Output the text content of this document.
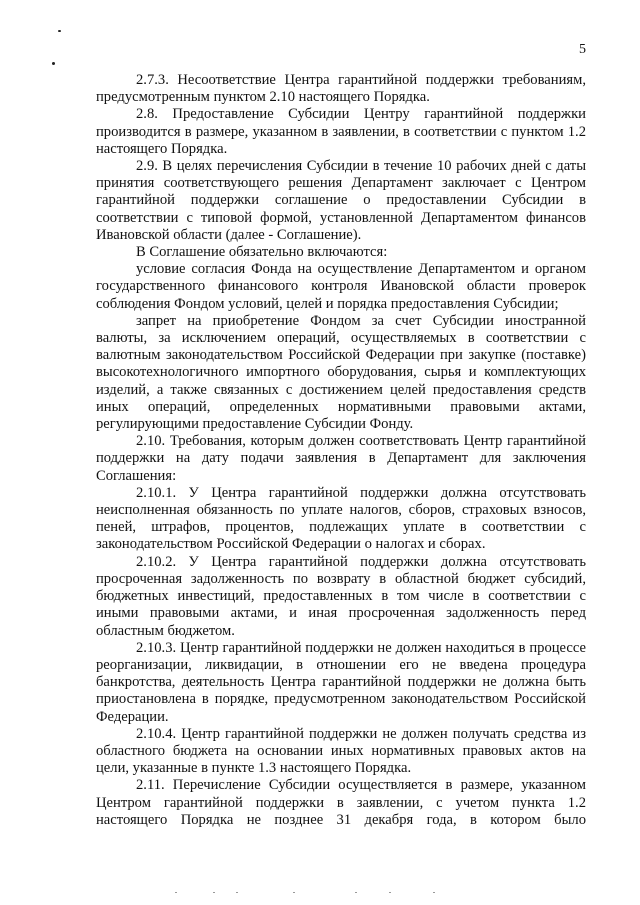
5

2.7.3. Несоответствие Центра гарантийной поддержки требованиям, предусмотренным пунктом 2.10 настоящего Порядка.

2.8. Предоставление Субсидии Центру гарантийной поддержки производится в размере, указанном в заявлении, в соответствии с пунктом 1.2 настоящего Порядка.

2.9. В целях перечисления Субсидии в течение 10 рабочих дней с даты принятия соответствующего решения Департамент заключает с Центром гарантийной поддержки соглашение о предоставлении Субсидии в соответствии с типовой формой, установленной Департаментом финансов Ивановской области (далее - Соглашение).

В Соглашение обязательно включаются:

условие согласия Фонда на осуществление Департаментом и органом государственного финансового контроля Ивановской области проверок соблюдения Фондом условий, целей и порядка предоставления Субсидии;

запрет на приобретение Фондом за счет Субсидии иностранной валюты, за исключением операций, осуществляемых в соответствии с валютным законодательством Российской Федерации при закупке (поставке) высокотехнологичного импортного оборудования, сырья и комплектующих изделий, а также связанных с достижением целей предоставления средств иных операций, определенных нормативными правовыми актами, регулирующими предоставление Субсидии Фонду.

2.10. Требования, которым должен соответствовать Центр гарантийной поддержки на дату подачи заявления в Департамент для заключения Соглашения:

2.10.1. У Центра гарантийной поддержки должна отсутствовать неисполненная обязанность по уплате налогов, сборов, страховых взносов, пеней, штрафов, процентов, подлежащих уплате в соответствии с законодательством Российской Федерации о налогах и сборах.

2.10.2. У Центра гарантийной поддержки должна отсутствовать просроченная задолженность по возврату в областной бюджет субсидий, бюджетных инвестиций, предоставленных в том числе в соответствии с иными правовыми актами, и иная просроченная задолженность перед областным бюджетом.

2.10.3. Центр гарантийной поддержки не должен находиться в процессе реорганизации, ликвидации, в отношении его не введена процедура банкротства, деятельность Центра гарантийной поддержки не должна быть приостановлена в порядке, предусмотренном законодательством Российской Федерации.

2.10.4. Центр гарантийной поддержки не должен получать средства из областного бюджета на основании иных нормативных правовых актов на цели, указанные в пункте 1.3 настоящего Порядка.

2.11. Перечисление Субсидии осуществляется в размере, указанном Центром гарантийной поддержки в заявлении, с учетом пункта 1.2 настоящего Порядка не позднее 31 декабря года, в котором было
